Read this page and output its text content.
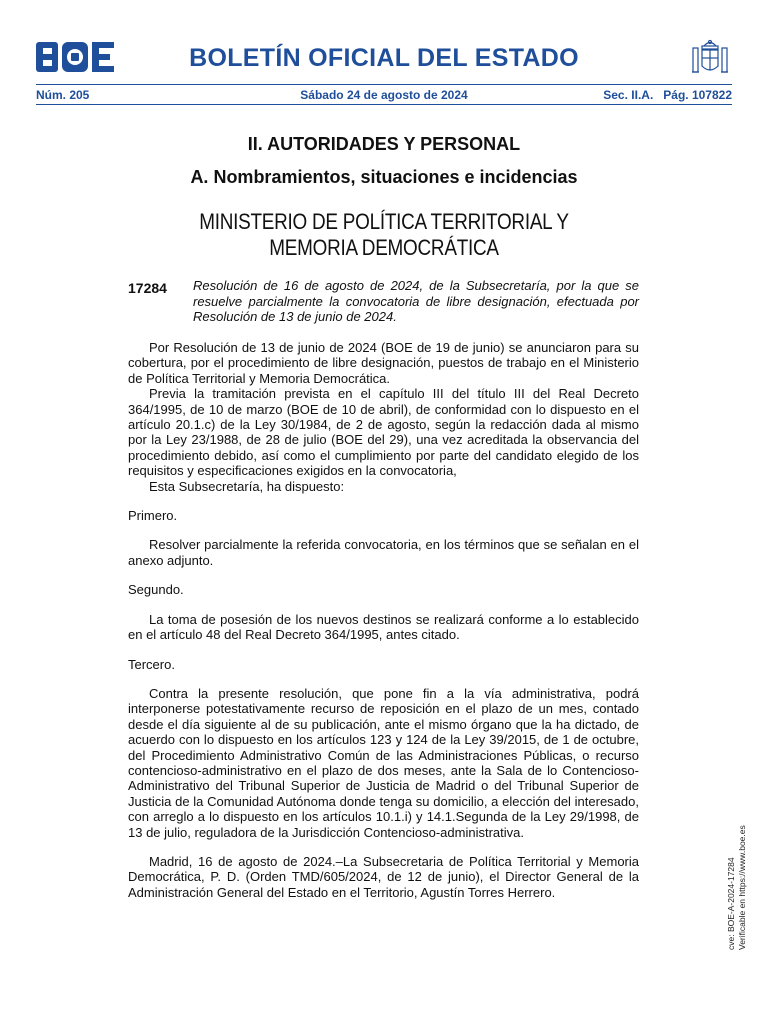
BOLETÍN OFICIAL DEL ESTADO
Núm. 205	Sábado 24 de agosto de 2024	Sec. II.A.   Pág. 107822
II. AUTORIDADES Y PERSONAL
A. Nombramientos, situaciones e incidencias
MINISTERIO DE POLÍTICA TERRITORIAL Y MEMORIA DEMOCRÁTICA
17284 Resolución de 16 de agosto de 2024, de la Subsecretaría, por la que se resuelve parcialmente la convocatoria de libre designación, efectuada por Resolución de 13 de junio de 2024.

Por Resolución de 13 de junio de 2024 (BOE de 19 de junio) se anunciaron para su cobertura, por el procedimiento de libre designación, puestos de trabajo en el Ministerio de Política Territorial y Memoria Democrática.

Previa la tramitación prevista en el capítulo III del título III del Real Decreto 364/1995, de 10 de marzo (BOE de 10 de abril), de conformidad con lo dispuesto en el artículo 20.1.c) de la Ley 30/1984, de 2 de agosto, según la redacción dada al mismo por la Ley 23/1988, de 28 de julio (BOE del 29), una vez acreditada la observancia del procedimiento debido, así como el cumplimiento por parte del candidato elegido de los requisitos y especificaciones exigidos en la convocatoria,

Esta Subsecretaría, ha dispuesto:

Primero.

Resolver parcialmente la referida convocatoria, en los términos que se señalan en el anexo adjunto.

Segundo.

La toma de posesión de los nuevos destinos se realizará conforme a lo establecido en el artículo 48 del Real Decreto 364/1995, antes citado.

Tercero.

Contra la presente resolución, que pone fin a la vía administrativa, podrá interponerse potestativamente recurso de reposición en el plazo de un mes, contado desde el día siguiente al de su publicación, ante el mismo órgano que la ha dictado, de acuerdo con lo dispuesto en los artículos 123 y 124 de la Ley 39/2015, de 1 de octubre, del Procedimiento Administrativo Común de las Administraciones Públicas, o recurso contencioso-administrativo en el plazo de dos meses, ante la Sala de lo Contencioso-Administrativo del Tribunal Superior de Justicia de Madrid o del Tribunal Superior de Justicia de la Comunidad Autónoma donde tenga su domicilio, a elección del interesado, con arreglo a lo dispuesto en los artículos 10.1.i) y 14.1.Segunda de la Ley 29/1998, de 13 de julio, reguladora de la Jurisdicción Contencioso-administrativa.

Madrid, 16 de agosto de 2024.–La Subsecretaria de Política Territorial y Memoria Democrática, P. D. (Orden TMD/605/2024, de 12 de junio), el Director General de la Administración General del Estado en el Territorio, Agustín Torres Herrero.	cve: BOE-A-2024-17284 Verificable en https://www.boe.es
